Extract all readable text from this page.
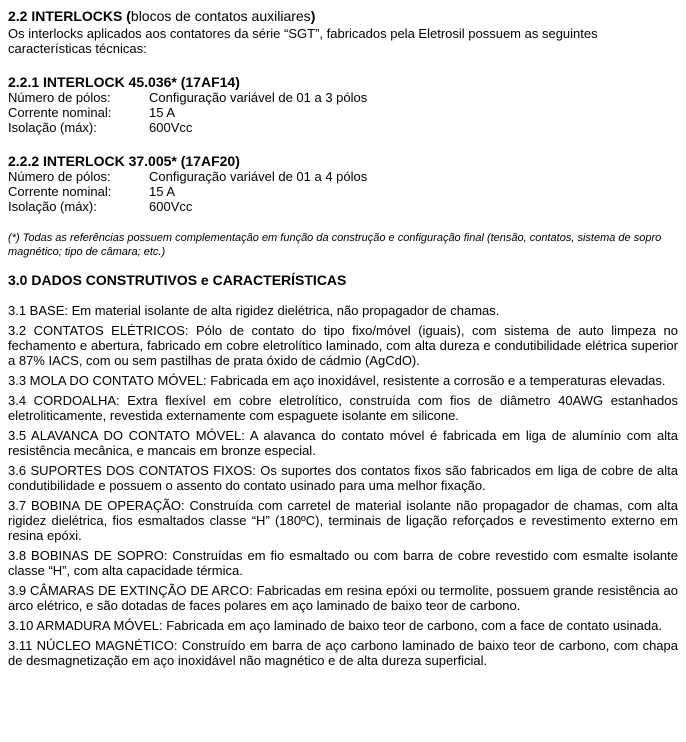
2.2 INTERLOCKS (blocos de contatos auxiliares)

Os interlocks aplicados aos contatores da série “SGT”, fabricados pela Eletrosil possuem as seguintes características técnicas:

2.2.1 INTERLOCK 45.036* (17AF14)
Número de pólos:	Configuração variável de 01 a 3 pólos
Corrente nominal:	15 A
Isolação (máx):	600Vcc
2.2.2 INTERLOCK 37.005* (17AF20)
Número de pólos:	Configuração variável de 01 a 4 pólos
Corrente nominal:	15 A
Isolação (máx):	600Vcc

(*) Todas as referências possuem complementação em função da construção e configuração final (tensão, contatos, sistema de sopro magnético; tipo de câmara; etc.)

3.0 DADOS CONSTRUTIVOS e CARACTERÍSTICAS

3.1 BASE: Em material isolante de alta rigidez dielétrica, não propagador de chamas.

3.2 CONTATOS ELÉTRICOS: Pólo de contato do tipo fixo/móvel (iguais), com sistema de auto limpeza no fechamento e abertura, fabricado em cobre eletrolítico laminado, com alta dureza e condutibilidade elétrica superior a 87% IACS, com ou sem pastilhas de prata óxido de cádmio (AgCdO).

3.3 MOLA DO CONTATO MÓVEL: Fabricada em aço inoxidável, resistente a corrosão e a temperaturas elevadas.

3.4 CORDOALHA: Extra flexível em cobre eletrolítico, construída com fios de diâmetro 40AWG estanhados eletroliticamente, revestida externamente com espaguete isolante em silicone.

3.5 ALAVANCA DO CONTATO MÓVEL: A alavanca do contato móvel é fabricada em liga de alumínio com alta resistência mecânica, e mancais em bronze especial.

3.6 SUPORTES DOS CONTATOS FIXOS: Os suportes dos contatos fixos são fabricados em liga de cobre de alta condutibilidade e possuem o assento do contato usinado para uma melhor fixação.

3.7 BOBINA DE OPERAÇÃO: Construída com carretel de material isolante não propagador de chamas, com alta rigidez dielétrica, fios esmaltados classe “H” (180ºC), terminais de ligação reforçados e revestimento externo em resina epóxi.

3.8 BOBINAS DE SOPRO: Construídas em fio esmaltado ou com barra de cobre revestido com esmalte isolante classe “H”, com alta capacidade térmica.

3.9 CÂMARAS DE EXTINÇÃO DE ARCO: Fabricadas em resina epóxi ou termolite, possuem grande resistência ao arco elétrico, e são dotadas de faces polares em aço laminado de baixo teor de carbono.

3.10 ARMADURA MÓVEL: Fabricada em aço laminado de baixo teor de carbono, com a face de contato usinada.

3.11 NÚCLEO MAGNÉTICO: Construído em barra de aço carbono laminado de baixo teor de carbono, com chapa de desmagnetização em aço inoxidável não magnético e de alta dureza superficial.
